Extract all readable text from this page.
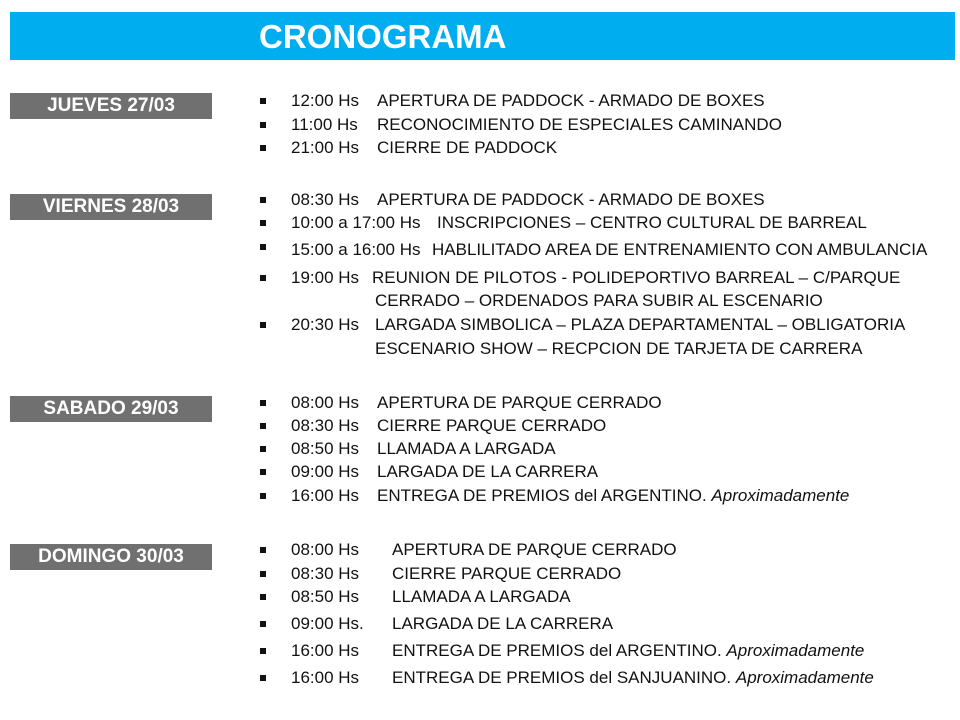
CRONOGRAMA
JUEVES 27/03	12:00 Hs APERTURA DE PADDOCK - ARMADO DE BOXES
11:00 Hs RECONOCIMIENTO DE ESPECIALES CAMINANDO
21:00 Hs CIERRE DE PADDOCK
VIERNES 28/03	08:30 Hs APERTURA DE PADDOCK - ARMADO DE BOXES
10:00 a 17:00 Hs INSCRIPCIONES – CENTRO CULTURAL DE BARREAL
15:00 a 16:00 Hs HABLILITADO AREA DE ENTRENAMIENTO CON AMBULANCIA
19:00 Hs REUNION DE PILOTOS - POLIDEPORTIVO BARREAL – C/PARQUE
CERRADO – ORDENADOS PARA SUBIR AL ESCENARIO
20:30 Hs LARGADA SIMBOLICA – PLAZA DEPARTAMENTAL – OBLIGATORIA
ESCENARIO SHOW – RECPCION DE TARJETA DE CARRERA
SABADO 29/03	08:00 Hs APERTURA DE PARQUE CERRADO
08:30 Hs CIERRE PARQUE CERRADO
08:50 Hs LLAMADA A LARGADA
09:00 Hs LARGADA DE LA CARRERA
16:00 Hs ENTREGA DE PREMIOS del ARGENTINO. Aproximadamente
DOMINGO 30/03	08:00 Hs APERTURA DE PARQUE CERRADO
08:30 Hs CIERRE PARQUE CERRADO
08:50 Hs LLAMADA A LARGADA
09:00 Hs. LARGADA DE LA CARRERA
16:00 Hs ENTREGA DE PREMIOS del ARGENTINO. Aproximadamente
16:00 Hs ENTREGA DE PREMIOS del SANJUANINO. Aproximadamente
